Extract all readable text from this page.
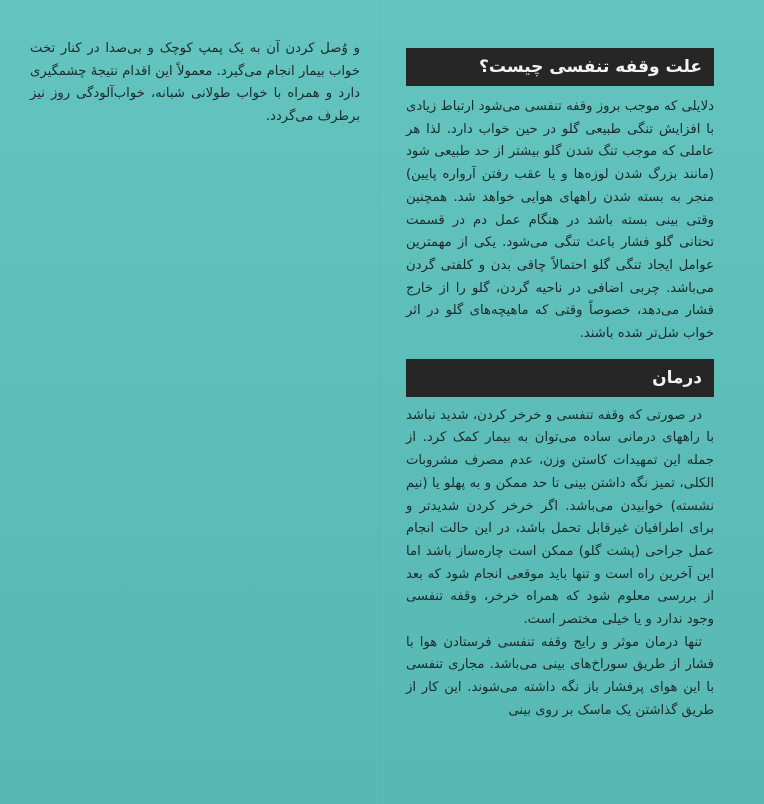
و وُصل کردن آن به یک پمپ کوچک و بی‌صدا در کنار تخت خواب بیمار انجام می‌گیرد. معمولاً این اقدام نتیجهٔ چشمگیری دارد و همراه با خواب طولانی شبانه، خواب‌آلودگی روز نیز برطرف می‌گردد.

علت وقفه تنفسی چیست؟

دلایلی که موجب بروز وقفه تنفسی می‌شود ارتباط زیادی با افزایش تنگی طبیعی گلو در حین خواب دارد. لذا هر عاملی که موجب تنگ شدن گلو بیشتر از حد طبیعی شود (مانند بزرگ شدن لوزه‌ها و یا عقب رفتن آرواره پایین) منجر به بسته شدن راههای هوایی خواهد شد. همچنین وقتی بینی بسته باشد در هنگام عمل دم در قسمت تحتانی گلو فشار باعث تنگی می‌شود. یکی از مهمترین عوامل ایجاد تنگی گلو احتمالاً چاقی بدن و کلفتی گردن می‌باشد. چربی اضافی در ناحیه گردن، گلو را از خارج فشار می‌دهد، خصوصاً وقتی که ماهیچه‌های گلو در اثر خواب شل‌تر شده باشند.

درمان

در صورتی که وقفه تنفسی و خرخر کردن، شدید نباشد با راههای درمانی ساده می‌توان به بیمار کمک کرد. از جمله این تمهیدات کاستن وزن، عدم مصرف مشروبات الکلی، تمیز نگه داشتن بینی تا حد ممکن و به پهلو یا (نیم نشسته) خوابیدن می‌باشد. اگر خرخر کردن شدیدتر و برای اطرافیان غیرقابل تحمل باشد، در این حالت انجام عمل جراحی (پشت گلو) ممکن است چاره‌ساز باشد اما این آخرین راه است و تنها باید موقعی انجام شود که بعد از بررسی معلوم شود که همراه خرخر، وقفه تنفسی وجود ندارد و یا خیلی مختصر است.

تنها درمان موثر و رایج وقفه تنفسی فرستادن هوا با فشار از طریق سوراخ‌های بینی می‌باشد. مجاری تنفسی با این هوای پرفشار باز نگه داشته می‌شوند. این کار از طریق گذاشتن یک ماسک بر روی بینی
